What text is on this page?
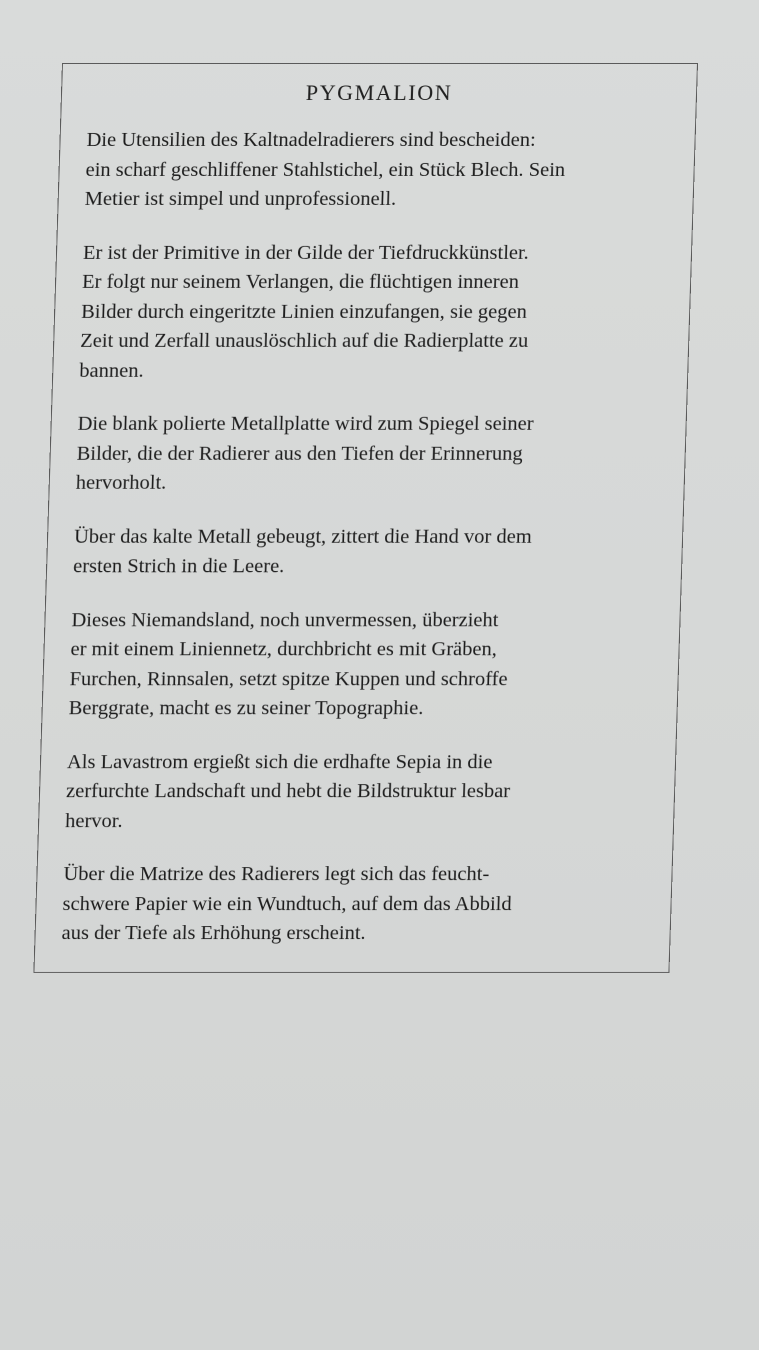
PYGMALION

Die Utensilien des Kaltnadelradierers sind bescheiden:
ein scharf geschliffener Stahlstichel, ein Stück Blech. Sein
Metier ist simpel und unprofessionell.

Er ist der Primitive in der Gilde der Tiefdruckkünstler.
Er folgt nur seinem Verlangen, die flüchtigen inneren
Bilder durch eingeritzte Linien einzufangen, sie gegen
Zeit und Zerfall unauslöschlich auf die Radierplatte zu
bannen.

Die blank polierte Metallplatte wird zum Spiegel seiner
Bilder, die der Radierer aus den Tiefen der Erinnerung
hervorholt.

Über das kalte Metall gebeugt, zittert die Hand vor dem
ersten Strich in die Leere.

Dieses Niemandsland, noch unvermessen, überzieht
er mit einem Liniennetz, durchbricht es mit Gräben,
Furchen, Rinnsalen, setzt spitze Kuppen und schroffe
Berggrate, macht es zu seiner Topographie.

Als Lavastrom ergießt sich die erdhafte Sepia in die
zerfurchte Landschaft und hebt die Bildstruktur lesbar
hervor.

Über die Matrize des Radierers legt sich das feucht-
schwere Papier wie ein Wundtuch, auf dem das Abbild
aus der Tiefe als Erhöhung erscheint.
